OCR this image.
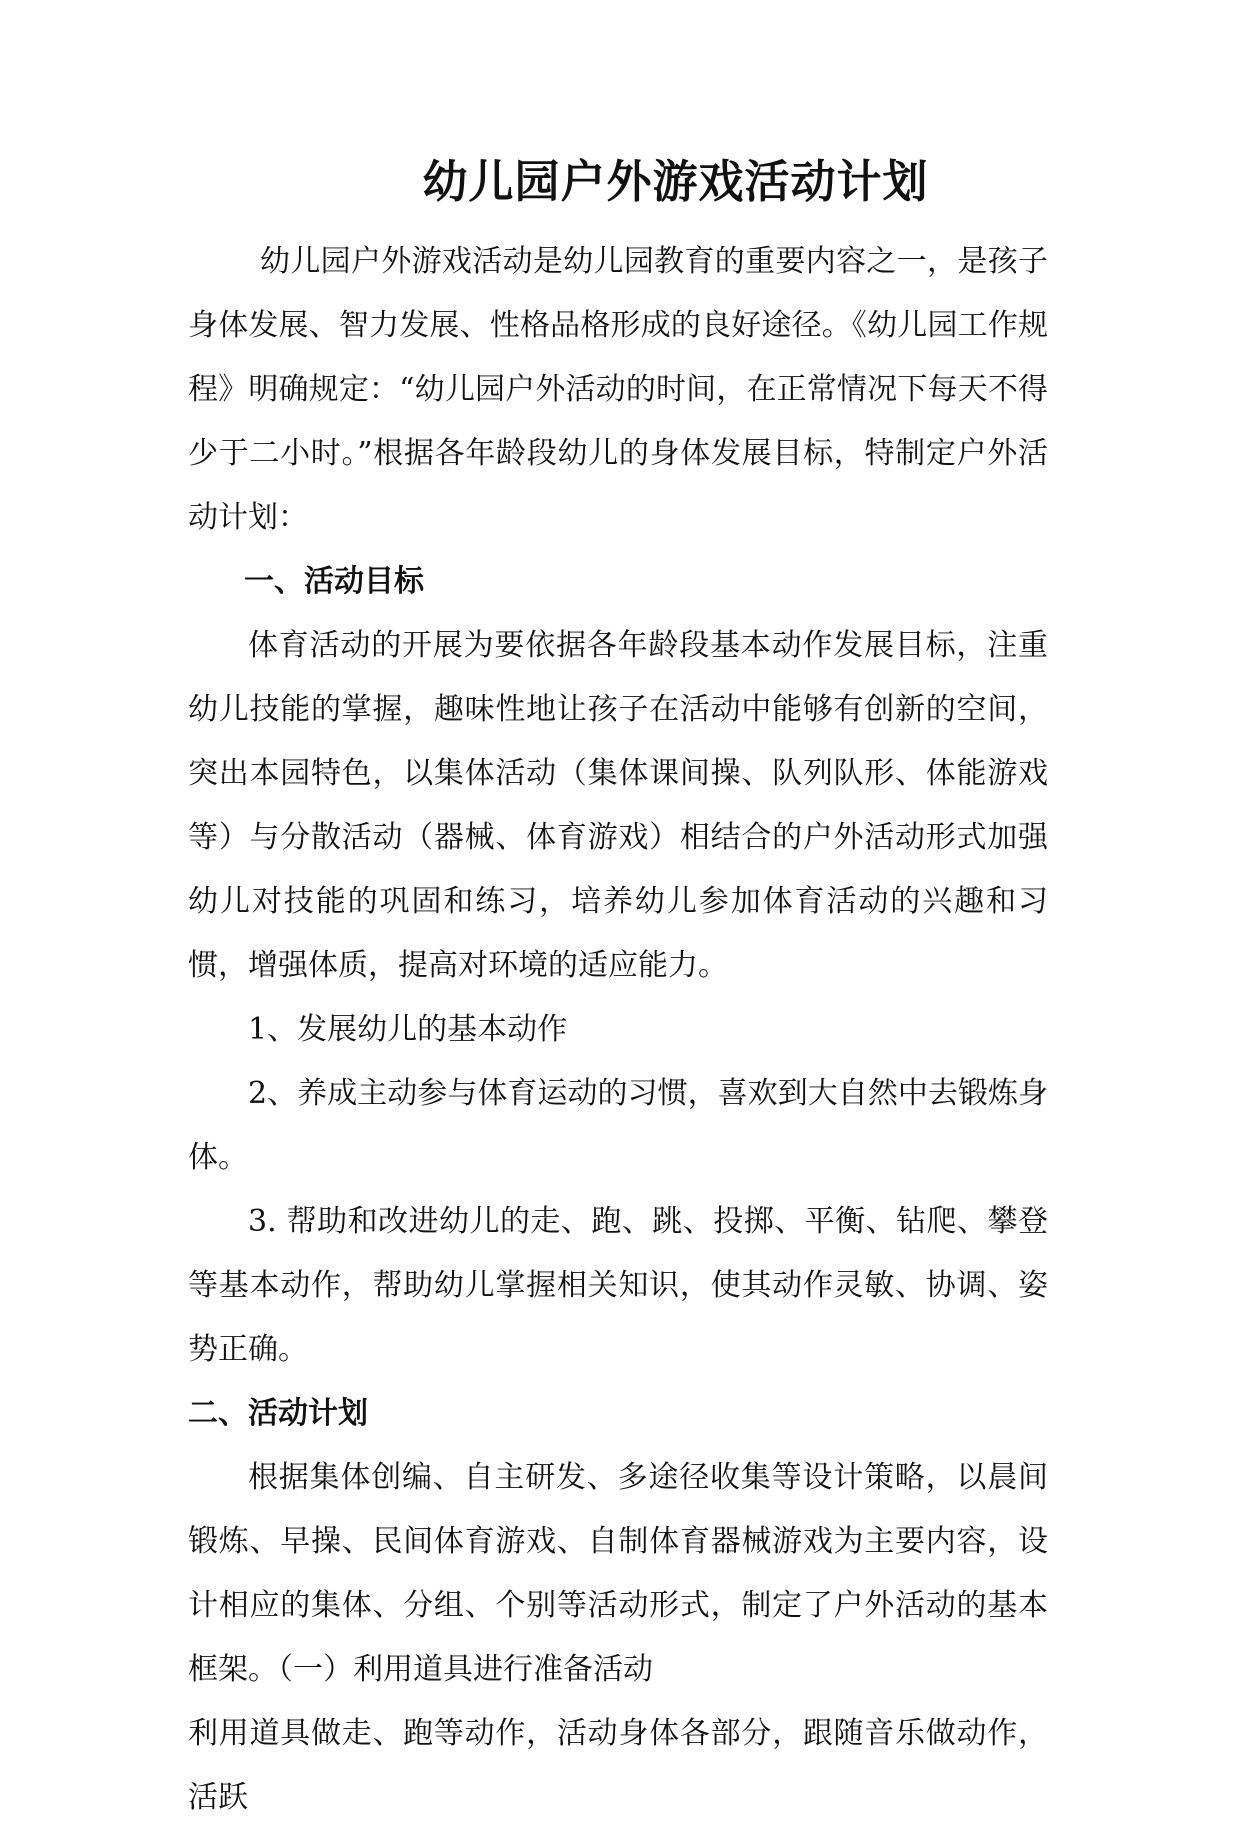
幼儿园户外游戏活动计划

幼儿园户外游戏活动是幼儿园教育的重要内容之一，是孩子身体发展、智力发展、性格品格形成的良好途径。《幼儿园工作规程》明确规定：“幼儿园户外活动的时间，在正常情况下每天不得少于二小时。”根据各年龄段幼儿的身体发展目标，特制定户外活动计划：

一、活动目标

体育活动的开展为要依据各年龄段基本动作发展目标，注重幼儿技能的掌握，趣味性地让孩子在活动中能够有创新的空间，突出本园特色，以集体活动（集体课间操、队列队形、体能游戏等）与分散活动（器械、体育游戏）相结合的户外活动形式加强幼儿对技能的巩固和练习，培养幼儿参加体育活动的兴趣和习惯，增强体质，提高对环境的适应能力。

1、发展幼儿的基本动作

2、养成主动参与体育运动的习惯，喜欢到大自然中去锻炼身体。

3. 帮助和改进幼儿的走、跑、跳、投掷、平衡、钻爬、攀登等基本动作，帮助幼儿掌握相关知识，使其动作灵敏、协调、姿势正确。

二、活动计划

根据集体创编、自主研发、多途径收集等设计策略，以晨间锻炼、早操、民间体育游戏、自制体育器械游戏为主要内容，设计相应的集体、分组、个别等活动形式，制定了户外活动的基本框架。（一）利用道具进行准备活动

利用道具做走、跑等动作，活动身体各部分，跟随音乐做动作，活跃
